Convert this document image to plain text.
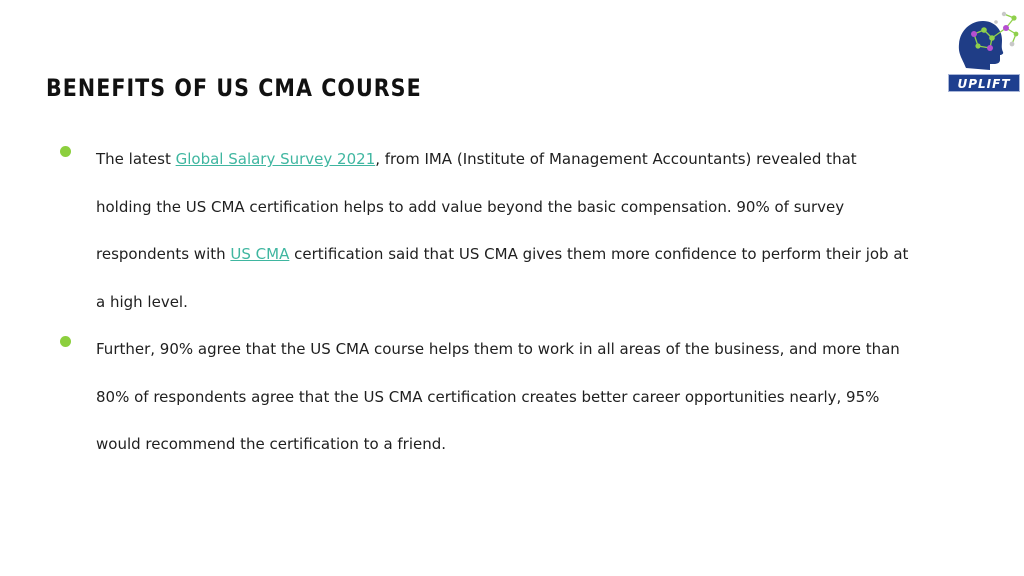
BENEFITS OF US CMA COURSE	UPLIFT
The latest Global Salary Survey 2021, from IMA (Institute of Management Accountants) revealed that
holding the US CMA certification helps to add value beyond the basic compensation. 90% of survey
respondents with US CMA certification said that US CMA gives them more confidence to perform their job at
a high level.
Further, 90% agree that the US CMA course helps them to work in all areas of the business, and more than
80% of respondents agree that the US CMA certification creates better career opportunities nearly, 95%
would recommend the certification to a friend.
